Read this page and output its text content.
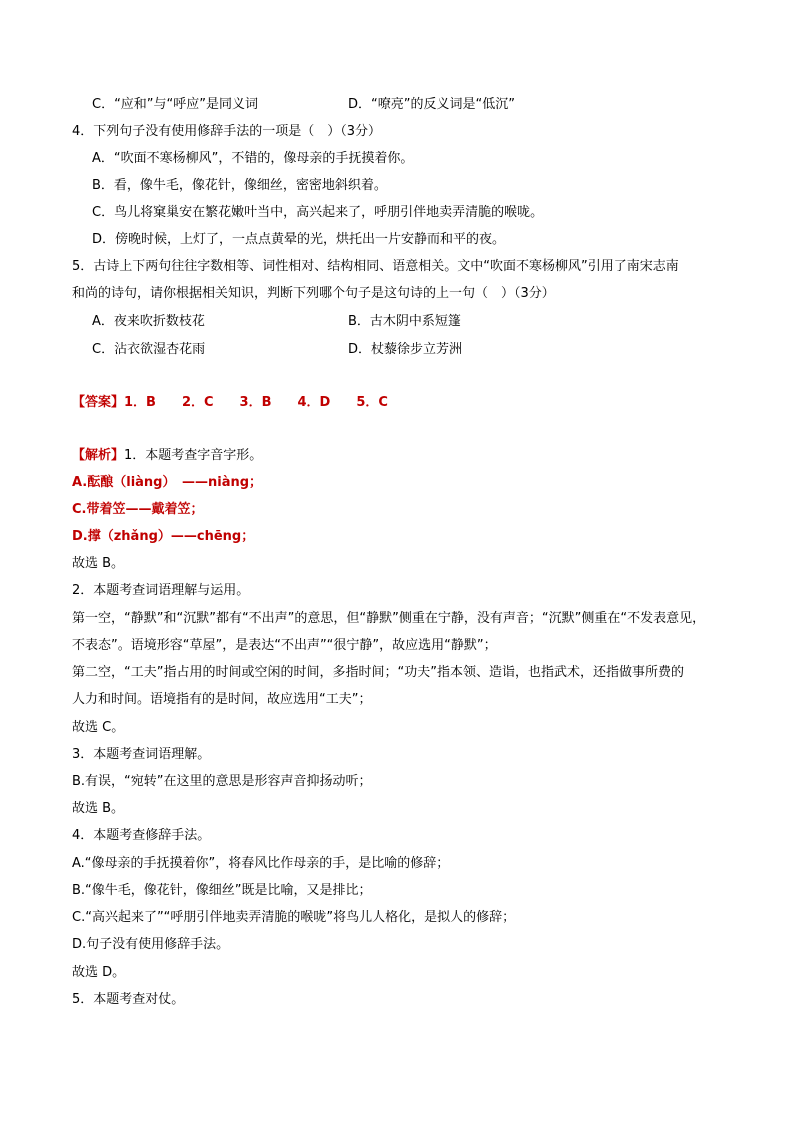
C．“应和”与“呼应”是同义词	D．“嘹亮”的反义词是“低沉”
4．下列句子没有使用修辞手法的一项是（　）（3分）
A．“吹面不寒杨柳风”，不错的，像母亲的手抚摸着你。
B．看，像牛毛，像花针，像细丝，密密地斜织着。
C．鸟儿将窠巢安在繁花嫩叶当中，高兴起来了，呼朋引伴地卖弄清脆的喉咙。
D．傍晚时候，上灯了，一点点黄晕的光，烘托出一片安静而和平的夜。
5．古诗上下两句往往字数相等、词性相对、结构相同、语意相关。文中“吹面不寒杨柳风”引用了南宋志南
和尚的诗句，请你根据相关知识，判断下列哪个句子是这句诗的上一句（　）（3分）
A．夜来吹折数枝花	B．古木阴中系短篷
C．沾衣欲湿杏花雨	D．杖藜徐步立芳洲
【答案】1．B　　2．C　　3．B　　4．D　　5．C
【解析】1．本题考查字音字形。
A.酝酿（liàng）　——niàng；
C.带着笠——戴着笠；
D.撑（zhǎng）——chēng；
故选 B。
2．本题考查词语理解与运用。
第一空，“静默”和“沉默”都有“不出声”的意思，但“静默”侧重在宁静，没有声音；“沉默”侧重在“不发表意见，
不表态”。语境形容“草屋”，是表达“不出声”“很宁静”，故应选用“静默”；
第二空，“工夫”指占用的时间或空闲的时间，多指时间；“功夫”指本领、造诣，也指武术，还指做事所费的
人力和时间。语境指有的是时间，故应选用“工夫”；
故选 C。
3．本题考查词语理解。
B.有误，“宛转”在这里的意思是形容声音抑扬动听；
故选 B。
4．本题考查修辞手法。
A.“像母亲的手抚摸着你”，将春风比作母亲的手，是比喻的修辞；
B.“像牛毛，像花针，像细丝”既是比喻，又是排比；
C.“高兴起来了”“呼朋引伴地卖弄清脆的喉咙”将鸟儿人格化，是拟人的修辞；
D.句子没有使用修辞手法。
故选 D。
5．本题考查对仗。
